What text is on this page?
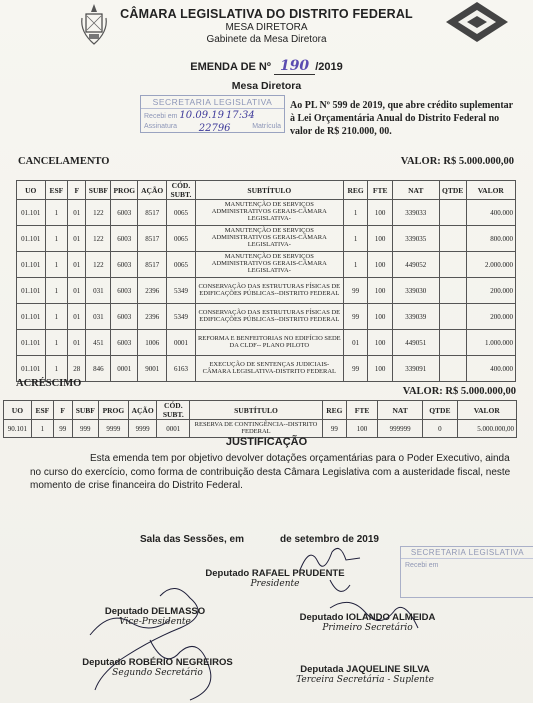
CÂMARA LEGISLATIVA DO DISTRITO FEDERAL
MESA DIRETORA
Gabinete da Mesa Diretora
EMENDA DE Nº 190 /2019
Mesa Diretora
SECRETARIA LEGISLATIVA
Recebi em 10.09.19 17:34
Assinatura 22796	Matrícula
Ao PL Nº 599 de 2019, que abre crédito suplementar à Lei Orçamentária Anual do Distrito Federal no valor de R$ 210.000, 00.
CANCELAMENTO	VALOR: R$ 5.000.000,00
UO	ESF	F	SUBF	PROG	AÇÃO	CÓD. SUBT.	SUBTÍTULO	REG	FTE	NAT	QTDE	VALOR
01.101	1	01	122	6003	8517	0065	MANUTENÇÃO DE SERVIÇOS ADMINISTRATIVOS GERAIS-CÂMARA LEGISLATIVA-	1	100	339033		400.000
01.101	1	01	122	6003	8517	0065	MANUTENÇÃO DE SERVIÇOS ADMINISTRATIVOS GERAIS-CÂMARA LEGISLATIVA-	1	100	339035		800.000
01.101	1	01	122	6003	8517	0065	MANUTENÇÃO DE SERVIÇOS ADMINISTRATIVOS GERAIS-CÂMARA LEGISLATIVA-	1	100	449052		2.000.000
01.101	1	01	031	6003	2396	5349	CONSERVAÇÃO DAS ESTRUTURAS FÍSICAS DE EDIFICAÇÕES PÚBLICAS--DISTRITO FEDERAL	99	100	339030		200.000
01.101	1	01	031	6003	2396	5349	CONSERVAÇÃO DAS ESTRUTURAS FÍSICAS DE EDIFICAÇÕES PÚBLICAS--DISTRITO FEDERAL	99	100	339039		200.000
01.101	1	01	451	6003	1006	0001	REFORMA E BENFEITORIAS NO EDIFÍCIO SEDE DA CLDF-- PLANO PILOTO	01	100	449051		1.000.000
01.101	1	28	846	0001	9001	6163	EXECUÇÃO DE SENTENÇAS JUDICIAIS-CÂMARA LEGISLATIVA-DISTRITO FEDERAL	99	100	339091		400.000
ACRÉSCIMO
VALOR: R$ 5.000.000,00
UO	ESF	F	SUBF	PROG	AÇÃO	CÓD. SUBT.	SUBTÍTULO	REG	FTE	NAT	QTDE	VALOR
90.101	1	99	999	9999	9999	0001	RESERVA DE CONTINGÊNCIA--DISTRITO FEDERAL	99	100	999999	0	5.000.000,00
JUSTIFICAÇÃO
Esta emenda tem por objetivo devolver dotações orçamentárias para o Poder Executivo, ainda no curso do exercício, como forma de contribuição desta Câmara Legislativa com a austeridade fiscal, neste momento de crise financeira do Distrito Federal.
Sala das Sessões, em	de setembro de 2019
SECRETARIA LEGISLATIVA
Recebi em
Deputado RAFAEL PRUDENTE
Presidente
Deputado DELMASSO
Vice-Presidente	Deputado IOLANDO ALMEIDA
Primeiro Secretário
Deputado ROBÉRIO NEGREIROS
Segundo Secretário	Deputada JAQUELINE SILVA
Terceira Secretária - Suplente
